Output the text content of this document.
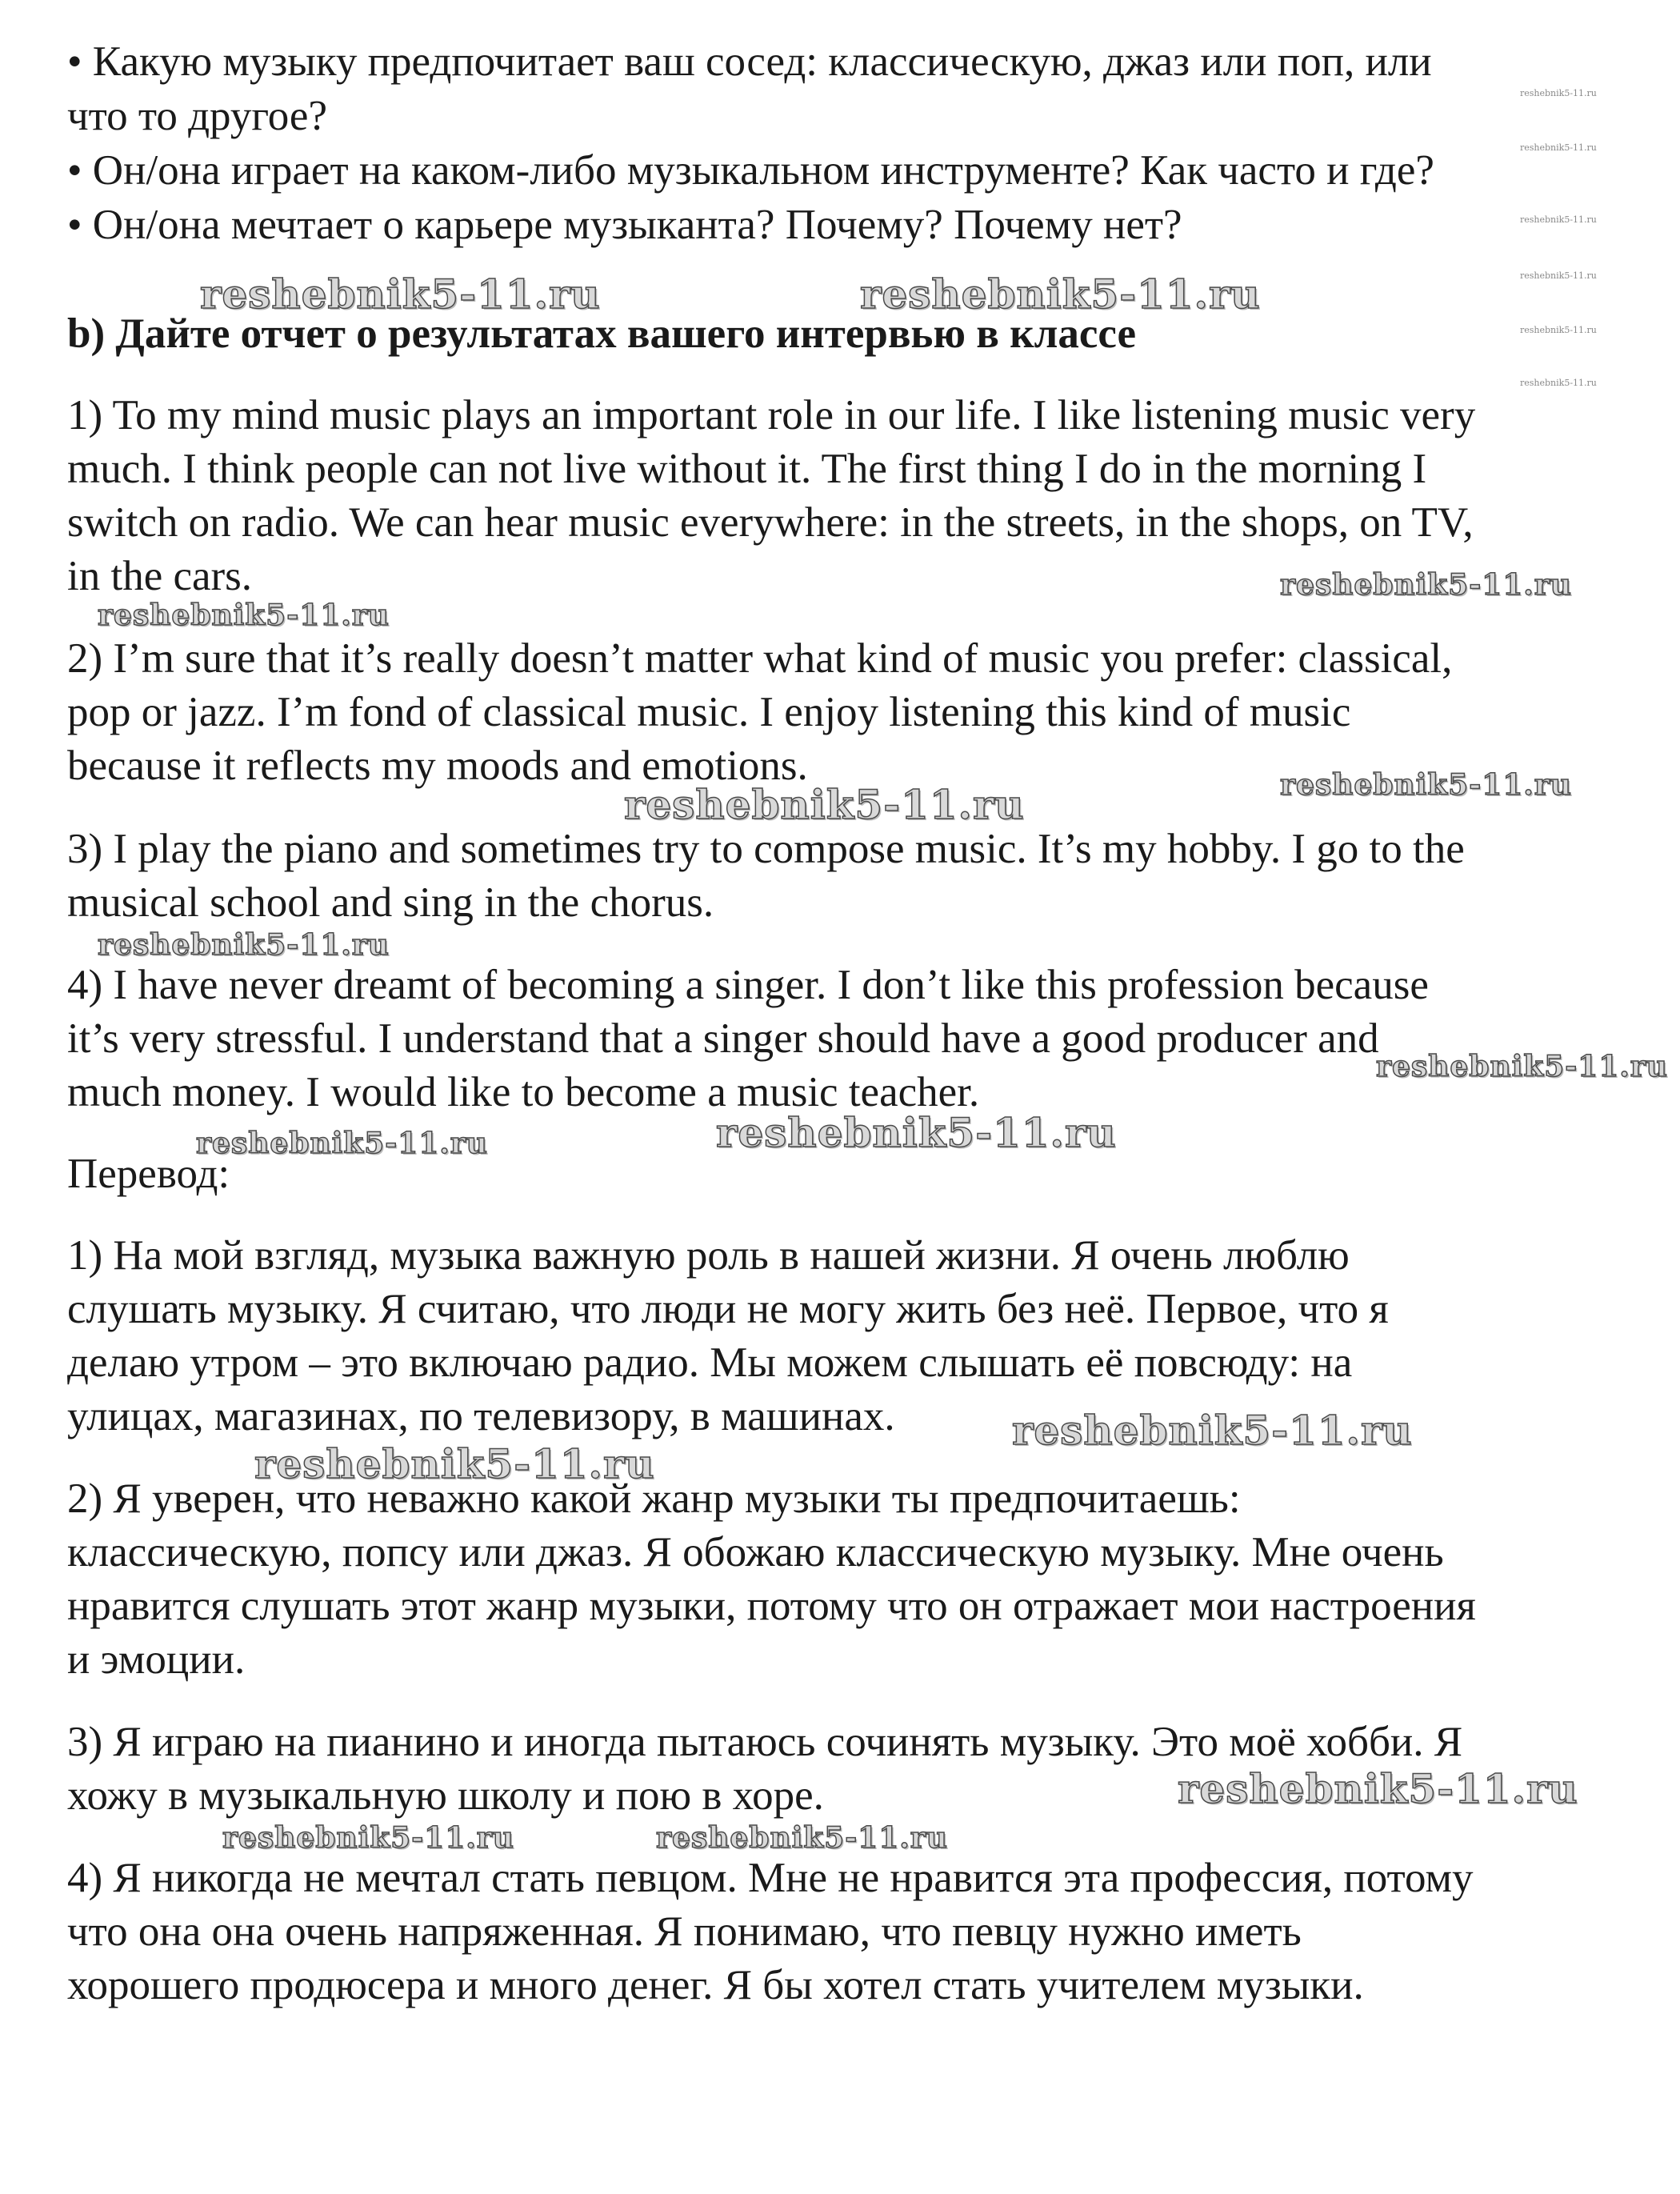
• Какую музыку предпочитает ваш сосед: классическую, джаз или поп, или
что то другое?
• Он/она играет на каком-либо музыкальном инструменте? Как часто и где?
• Он/она мечтает о карьере музыканта? Почему? Почему нет?
b) Дайте отчет о результатах вашего интервью в классе
1) To my mind music plays an important role in our life. I like listening music very
much. I think people can not live without it. The first thing I do in the morning I
switch on radio. We can hear music everywhere: in the streets, in the shops, on TV,
in the cars.
2) I’m sure that it’s really doesn’t matter what kind of music you prefer: classical,
pop or jazz. I’m fond of classical music. I enjoy listening this kind of music
because it reflects my moods and emotions.
3) I play the piano and sometimes try to compose music. It’s my hobby. I go to the
musical school and sing in the chorus.
4) I have never dreamt of becoming a singer. I don’t like this profession because
it’s very stressful. I understand that a singer should have a good producer and
much money. I would like to become a music teacher.
Перевод:
1) На мой взгляд, музыка важную роль в нашей жизни. Я очень люблю
слушать музыку. Я считаю, что люди не могу жить без неё. Первое, что я
делаю утром – это включаю радио. Мы можем слышать её повсюду: на
улицах, магазинах, по телевизору, в машинах.
2) Я уверен, что неважно какой жанр музыки ты предпочитаешь:
классическую, попсу или джаз. Я обожаю классическую музыку. Мне очень
нравится слушать этот жанр музыки, потому что он отражает мои настроения
и эмоции.
3) Я играю на пианино и иногда пытаюсь сочинять музыку. Это моё хобби. Я
хожу в музыкальную школу и пою в хоре.
4) Я никогда не мечтал стать певцом. Мне не нравится эта профессия, потому
что она она очень напряженная. Я понимаю, что певцу нужно иметь
хорошего продюсера и много денег. Я бы хотел стать учителем музыки.
reshebnik5-11.ru	reshebnik5-11.ru
reshebnik5-11.ru
reshebnik5-11.ru
reshebnik5-11.ru
reshebnik5-11.ru
reshebnik5-11.ru
reshebnik5-11.ru
reshebnik5-11.ru
reshebnik5-11.ru
reshebnik5-11.ru
reshebnik5-11.ru
reshebnik5-11.ru
reshebnik5-11.ru	reshebnik5-11.ru
reshebnik5-11.ru
reshebnik5-11.ru
reshebnik5-11.ru
reshebnik5-11.ru
reshebnik5-11.ru
reshebnik5-11.ru
